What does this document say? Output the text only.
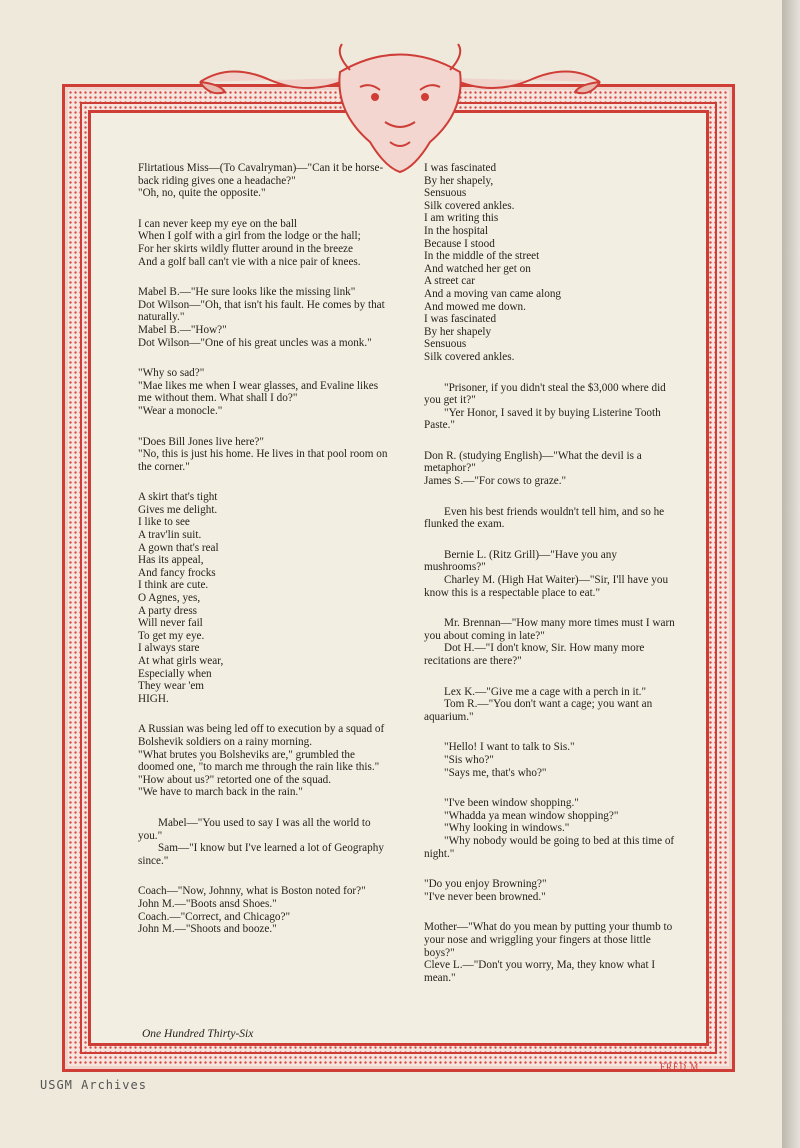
Flirtatious Miss—(To Cavalryman)—"Can it be horse-back riding gives one a headache?"

"Oh, no, quite the opposite."

I can never keep my eye on the ball

When I golf with a girl from the lodge or the hall;

For her skirts wildly flutter around in the breeze

And a golf ball can't vie with a nice pair of knees.

Mabel B.—"He sure looks like the missing link"

Dot Wilson—"Oh, that isn't his fault. He comes by that naturally."

Mabel B.—"How?"

Dot Wilson—"One of his great uncles was a monk."

"Why so sad?"

"Mae likes me when I wear glasses, and Evaline likes me without them. What shall I do?"

"Wear a monocle."

"Does Bill Jones live here?"

"No, this is just his home. He lives in that pool room on the corner."

A skirt that's tight

Gives me delight.

I like to see

A trav'lin suit.

A gown that's real

Has its appeal,

And fancy frocks

I think are cute.

O Agnes, yes,

A party dress

Will never fail

To get my eye.

I always stare

At what girls wear,

Especially when

They wear 'em

HIGH.

A Russian was being led off to execution by a squad of Bolshevik soldiers on a rainy morning.

"What brutes you Bolsheviks are," grumbled the doomed one, "to march me through the rain like this."

"How about us?" retorted one of the squad.

"We have to march back in the rain."

Mabel—"You used to say I was all the world to you."

Sam—"I know but I've learned a lot of Geography since."

Coach—"Now, Johnny, what is Boston noted for?"

John M.—"Boots ansd Shoes."

Coach.—"Correct, and Chicago?"

John M.—"Shoots and booze."

I was fascinated

By her shapely,

Sensuous

Silk covered ankles.

I am writing this

In the hospital

Because I stood

In the middle of the street

And watched her get on

A street car

And a moving van came along

And mowed me down.

I was fascinated

By her shapely

Sensuous

Silk covered ankles.

"Prisoner, if you didn't steal the $3,000 where did you get it?"

"Yer Honor, I saved it by buying Listerine Tooth Paste."

Don R. (studying English)—"What the devil is a metaphor?"

James S.—"For cows to graze."

Even his best friends wouldn't tell him, and so he flunked the exam.

Bernie L. (Ritz Grill)—"Have you any mushrooms?"

Charley M. (High Hat Waiter)—"Sir, I'll have you know this is a respectable place to eat."

Mr. Brennan—"How many more times must I warn you about coming in late?"

Dot H.—"I don't know, Sir. How many more recitations are there?"

Lex K.—"Give me a cage with a perch in it."

Tom R.—"You don't want a cage; you want an aquarium."

"Hello! I want to talk to Sis."

"Sis who?"

"Says me, that's who?"

"I've been window shopping."

"Whadda ya mean window shopping?"

"Why looking in windows."

"Why nobody would be going to bed at this time of night."

"Do you enjoy Browning?"

"I've never been browned."

Mother—"What do you mean by putting your thumb to your nose and wriggling your fingers at those little boys?"

Cleve L.—"Don't you worry, Ma, they know what I mean."

One Hundred Thirty-Six
FRED M
USGM Archives
